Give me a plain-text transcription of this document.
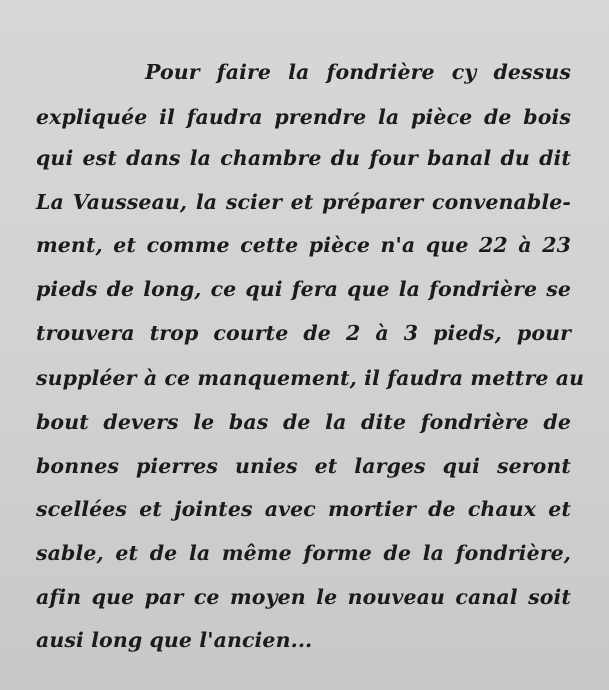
Pour faire la fondrière cy dessus
expliquée il faudra prendre la pièce de bois
qui est dans la chambre du four banal du dit
La Vausseau, la scier et préparer convenable-
ment, et comme cette pièce n'a que 22 à 23
pieds de long, ce qui fera que la fondrière se
trouvera trop courte de 2 à 3 pieds, pour
suppléer à ce manquement, il faudra mettre au
bout devers le bas de la dite fondrière de
bonnes pierres unies et larges qui seront
scellées et jointes avec mortier de chaux et
sable, et de la même forme de la fondrière,
afin que par ce moyen le nouveau canal soit
ausi long que l'ancien...
